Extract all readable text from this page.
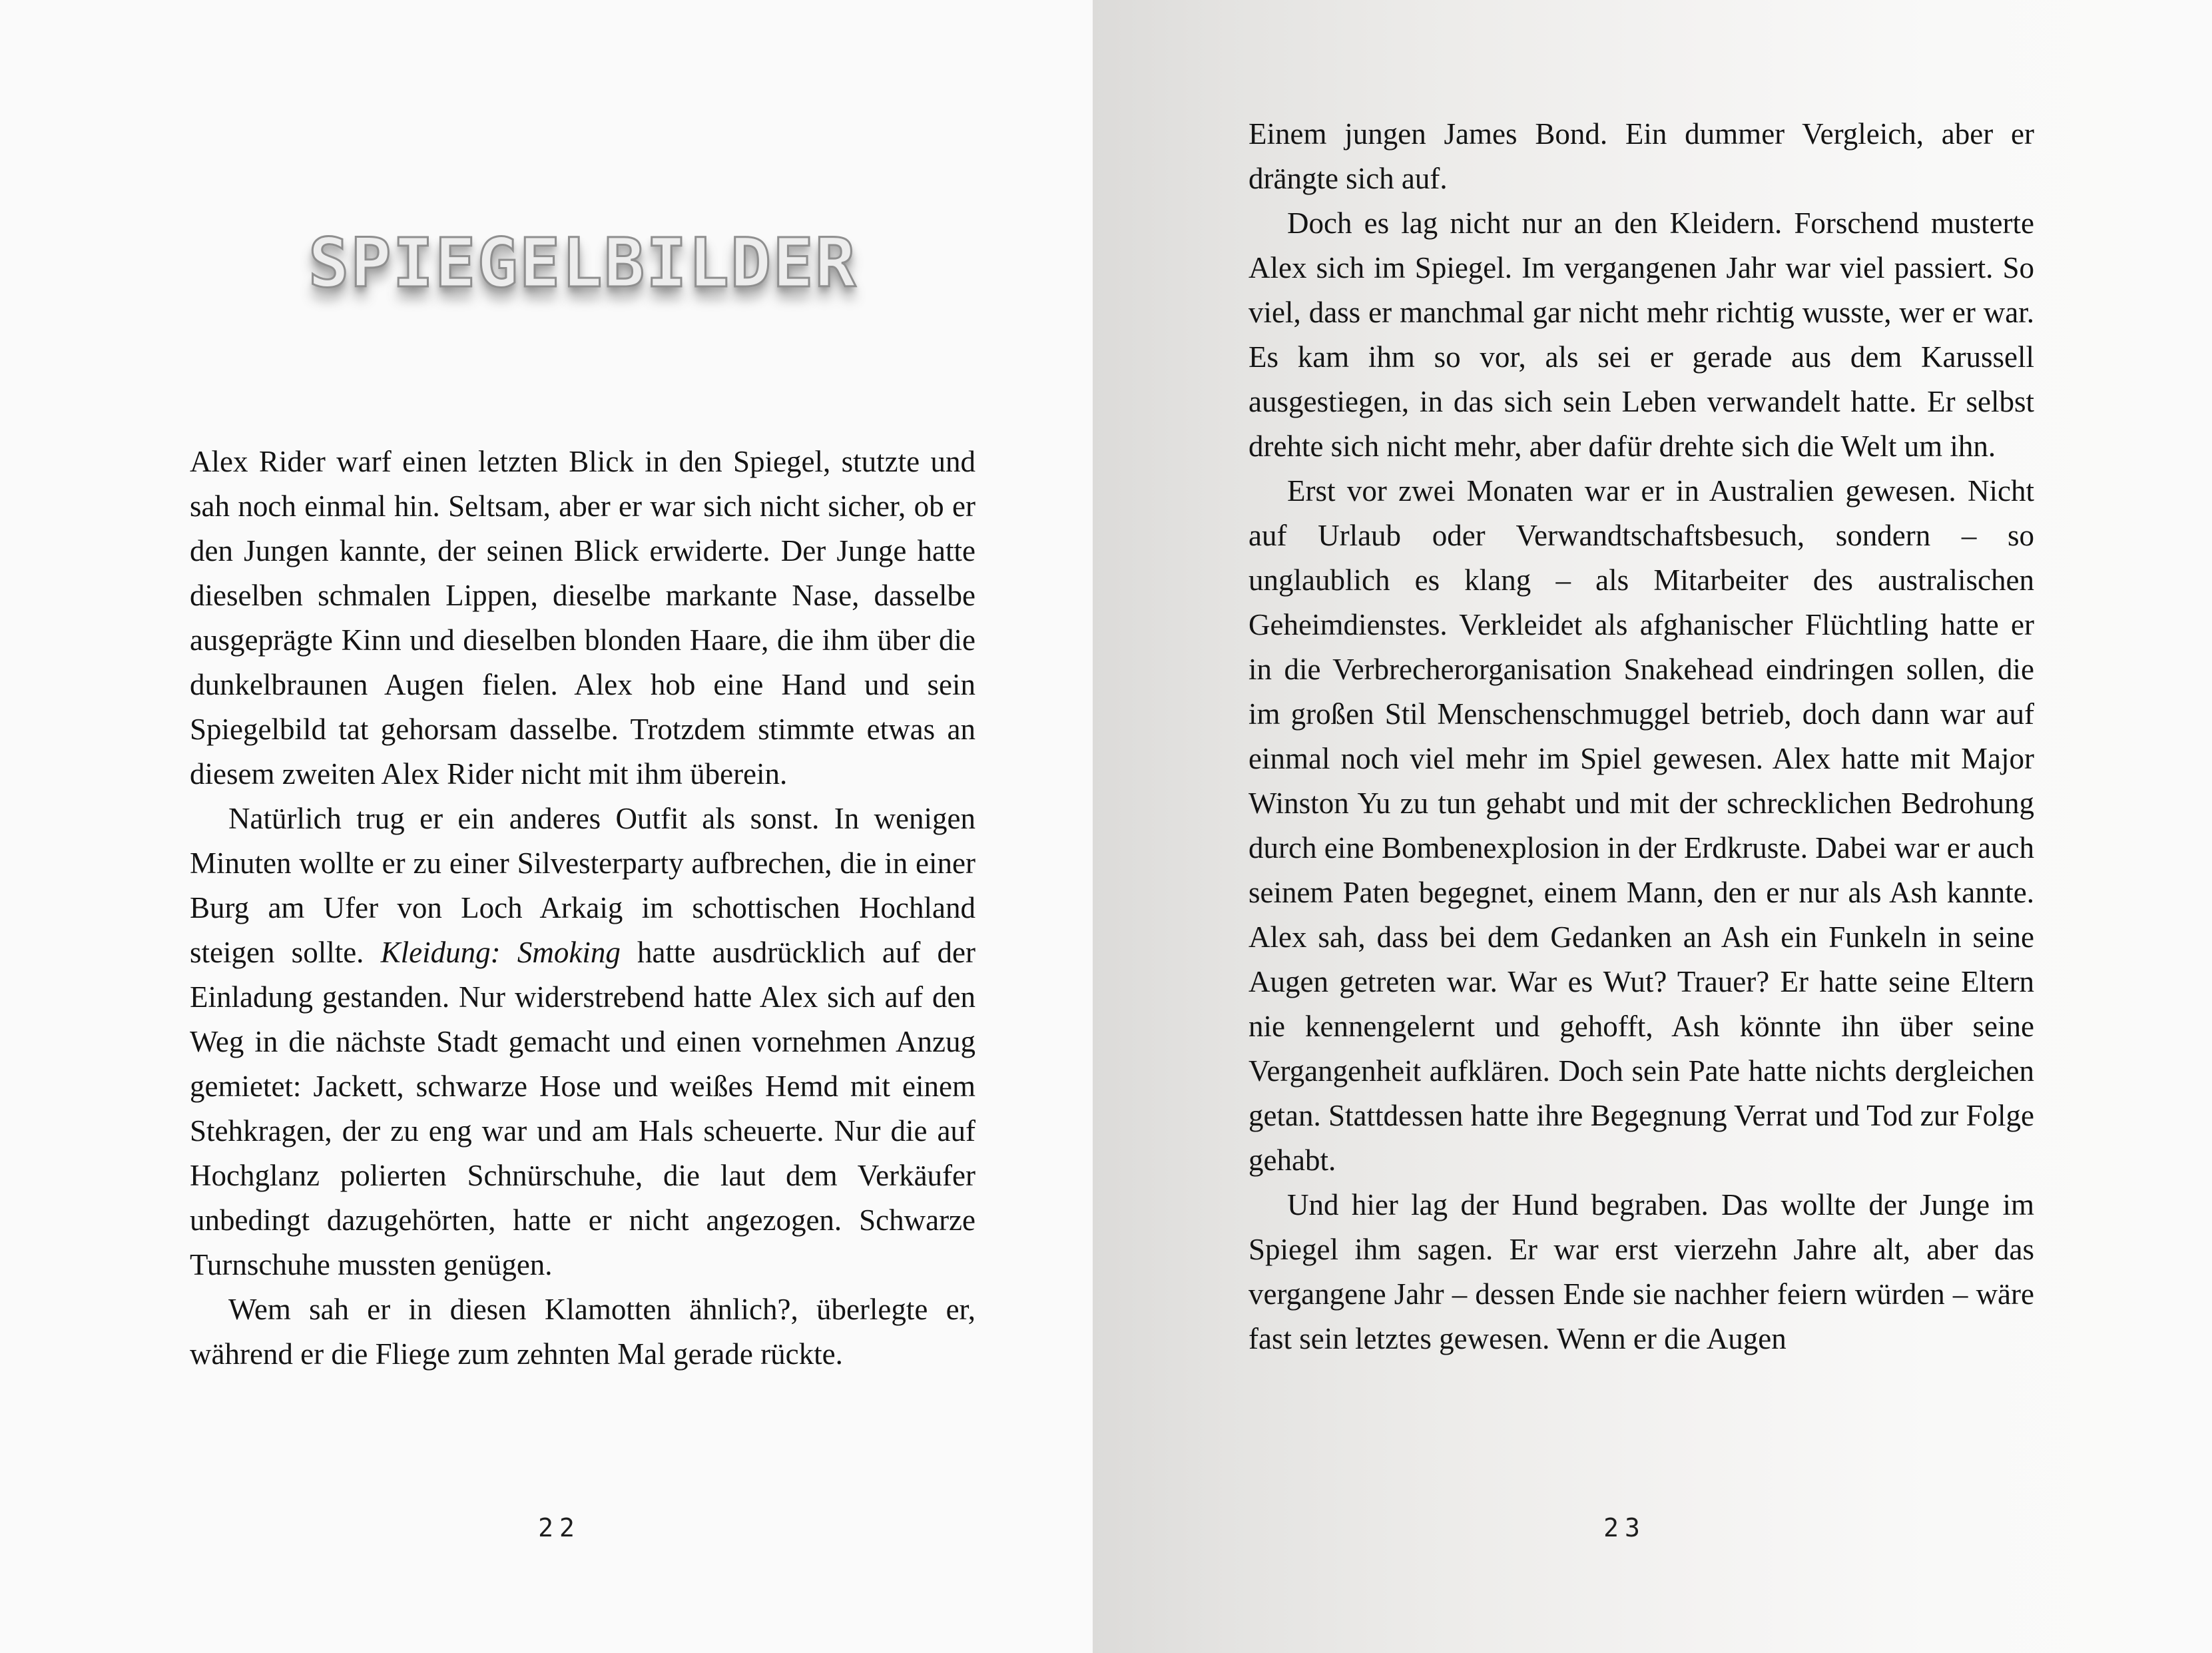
SPIEGELBILDER

Alex Rider warf einen letzten Blick in den Spiegel, stutzte und sah noch einmal hin. Seltsam, aber er war sich nicht sicher, ob er den Jungen kannte, der seinen Blick erwiderte. Der Junge hatte dieselben schmalen Lippen, dieselbe markante Nase, dasselbe ausgeprägte Kinn und dieselben blonden Haare, die ihm über die dunkelbraunen Augen fielen. Alex hob eine Hand und sein Spiegelbild tat gehorsam dasselbe. Trotzdem stimmte etwas an diesem zweiten Alex Rider nicht mit ihm überein.

Natürlich trug er ein anderes Outfit als sonst. In wenigen Minuten wollte er zu einer Silvesterparty aufbrechen, die in einer Burg am Ufer von Loch Arkaig im schottischen Hochland steigen sollte. Kleidung: Smoking hatte ausdrücklich auf der Einladung gestanden. Nur widerstrebend hatte Alex sich auf den Weg in die nächste Stadt gemacht und einen vornehmen Anzug gemietet: Jackett, schwarze Hose und weißes Hemd mit einem Stehkragen, der zu eng war und am Hals scheuerte. Nur die auf Hochglanz polierten Schnürschuhe, die laut dem Verkäufer unbedingt dazugehörten, hatte er nicht angezogen. Schwarze Turnschuhe mussten genügen.

Wem sah er in diesen Klamotten ähnlich?, überlegte er, während er die Fliege zum zehnten Mal gerade rückte.

22

Einem jungen James Bond. Ein dummer Vergleich, aber er drängte sich auf.

Doch es lag nicht nur an den Kleidern. Forschend musterte Alex sich im Spiegel. Im vergangenen Jahr war viel passiert. So viel, dass er manchmal gar nicht mehr richtig wusste, wer er war. Es kam ihm so vor, als sei er gerade aus dem Karussell ausgestiegen, in das sich sein Leben verwandelt hatte. Er selbst drehte sich nicht mehr, aber dafür drehte sich die Welt um ihn.

Erst vor zwei Monaten war er in Australien gewesen. Nicht auf Urlaub oder Verwandtschaftsbesuch, sondern – so unglaublich es klang – als Mitarbeiter des australischen Geheimdienstes. Verkleidet als afghanischer Flüchtling hatte er in die Verbrecherorganisation Snakehead eindringen sollen, die im großen Stil Menschenschmuggel betrieb, doch dann war auf einmal noch viel mehr im Spiel gewesen. Alex hatte mit Major Winston Yu zu tun gehabt und mit der schrecklichen Bedrohung durch eine Bombenexplosion in der Erdkruste. Dabei war er auch seinem Paten begegnet, einem Mann, den er nur als Ash kannte. Alex sah, dass bei dem Gedanken an Ash ein Funkeln in seine Augen getreten war. War es Wut? Trauer? Er hatte seine Eltern nie kennengelernt und gehofft, Ash könnte ihn über seine Vergangenheit aufklären. Doch sein Pate hatte nichts dergleichen getan. Stattdessen hatte ihre Begegnung Verrat und Tod zur Folge gehabt.

Und hier lag der Hund begraben. Das wollte der Junge im Spiegel ihm sagen. Er war erst vierzehn Jahre alt, aber das vergangene Jahr – dessen Ende sie nachher feiern würden – wäre fast sein letztes gewesen. Wenn er die Augen

23
